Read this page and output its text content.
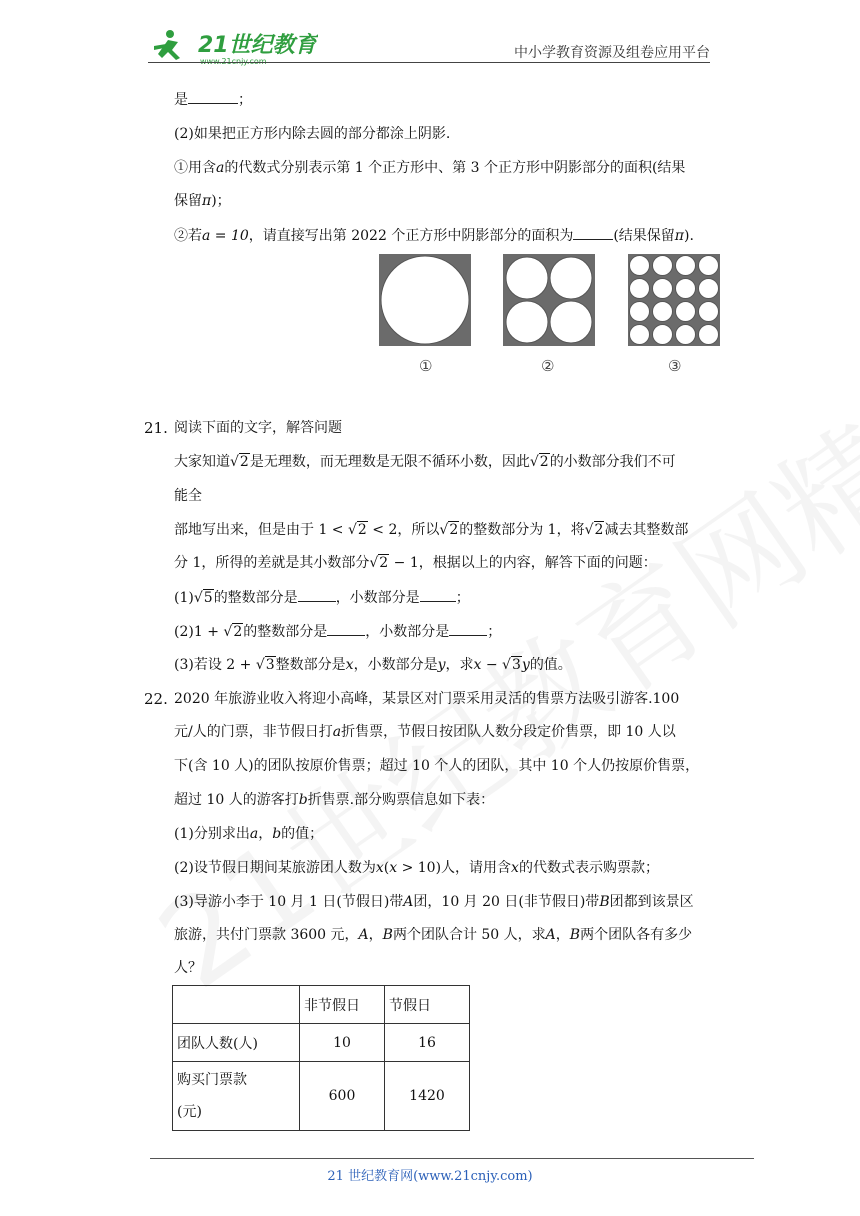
21世纪教育	中小学教育资源及组卷应用平台
是	；
(2)如果把正方形内除去圆的部分都涂上阴影.
①用含a的代数式分别表示第 1 个正方形中、第 3 个正方形中阴影部分的面积(结果
保留π)；
②若a = 10，请直接写出第 2022 个正方形中阴影部分的面积为	(结果保留π).
①	②	③
21. 阅读下面的文字，解答问题
大家知道√2是无理数，而无理数是无限不循环小数，因此√2的小数部分我们不可
能全
部地写出来，但是由于 1 < √2 < 2，所以√2的整数部分为 1，将√2减去其整数部
分 1，所得的差就是其小数部分√2 − 1，根据以上的内容，解答下面的问题：
(1)√5的整数部分是	，小数部分是	；
(2)1 + √2的整数部分是	，小数部分是	；
(3)若设 2 + √3整数部分是x，小数部分是y，求x − √3y的值。
22. 2020 年旅游业收入将迎小高峰，某景区对门票采用灵活的售票方法吸引游客.100
元/人的门票，非节假日打a折售票，节假日按团队人数分段定价售票，即 10 人以
下(含 10 人)的团队按原价售票；超过 10 个人的团队，其中 10 个人仍按原价售票，
超过 10 人的游客打b折售票.部分购票信息如下表：
(1)分别求出a，b的值；
(2)设节假日期间某旅游团人数为x(x > 10)人，请用含x的代数式表示购票款；
(3)导游小李于 10 月 1 日(节假日)带A团，10 月 20 日(非节假日)带B团都到该景区
旅游，共付门票款 3600 元，A，B两个团队合计 50 人，求A，B两个团队各有多少
人？
	非节假日	节假日
团队人数(人)	10	16
购买门票款
(元)	600	1420
21 世纪教育网(www.21cnjy.com)
